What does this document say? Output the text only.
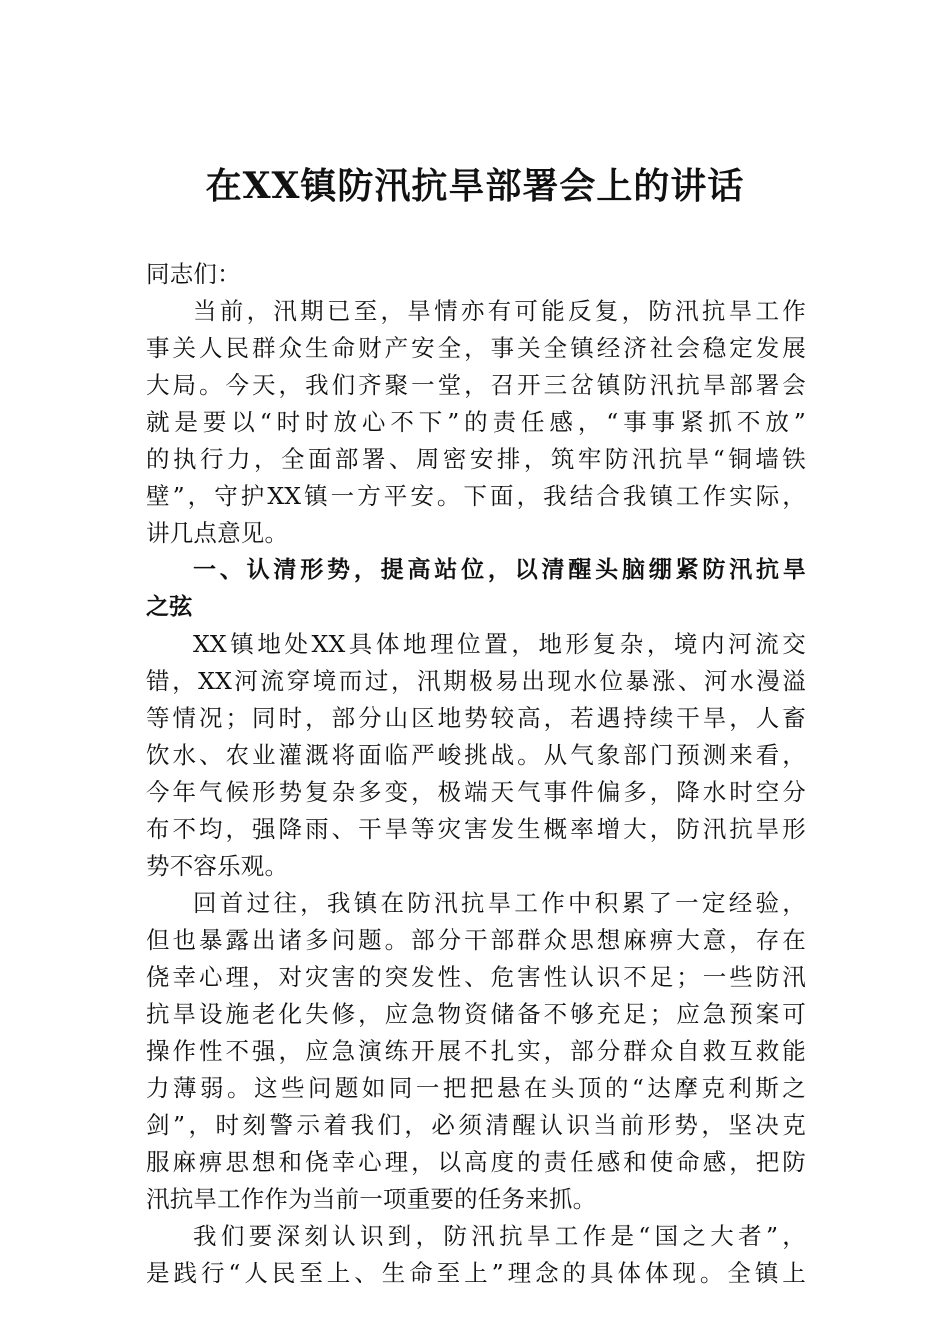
在XX镇防汛抗旱部署会上的讲话
同志们：
当前，汛期已至，旱情亦有可能反复，防汛抗旱工作
事关人民群众生命财产安全，事关全镇经济社会稳定发展
大局。今天，我们齐聚一堂，召开三岔镇防汛抗旱部署会
就是要以“时时放心不下”的责任感，“事事紧抓不放”
的执行力，全面部署、周密安排，筑牢防汛抗旱“铜墙铁
壁”，守护XX镇一方平安。下面，我结合我镇工作实际，
讲几点意见。
一、认清形势，提高站位，以清醒头脑绷紧防汛抗旱
之弦
XX镇地处XX具体地理位置，地形复杂，境内河流交
错，XX河流穿境而过，汛期极易出现水位暴涨、河水漫溢
等情况；同时，部分山区地势较高，若遇持续干旱，人畜
饮水、农业灌溉将面临严峻挑战。从气象部门预测来看，
今年气候形势复杂多变，极端天气事件偏多，降水时空分
布不均，强降雨、干旱等灾害发生概率增大，防汛抗旱形
势不容乐观。
回首过往，我镇在防汛抗旱工作中积累了一定经验，
但也暴露出诸多问题。部分干部群众思想麻痹大意，存在
侥幸心理，对灾害的突发性、危害性认识不足；一些防汛
抗旱设施老化失修，应急物资储备不够充足；应急预案可
操作性不强，应急演练开展不扎实，部分群众自救互救能
力薄弱。这些问题如同一把把悬在头顶的“达摩克利斯之
剑”，时刻警示着我们，必须清醒认识当前形势，坚决克
服麻痹思想和侥幸心理，以高度的责任感和使命感，把防
汛抗旱工作作为当前一项重要的任务来抓。
我们要深刻认识到，防汛抗旱工作是“国之大者”，
是践行“人民至上、生命至上”理念的具体体现。全镇上
